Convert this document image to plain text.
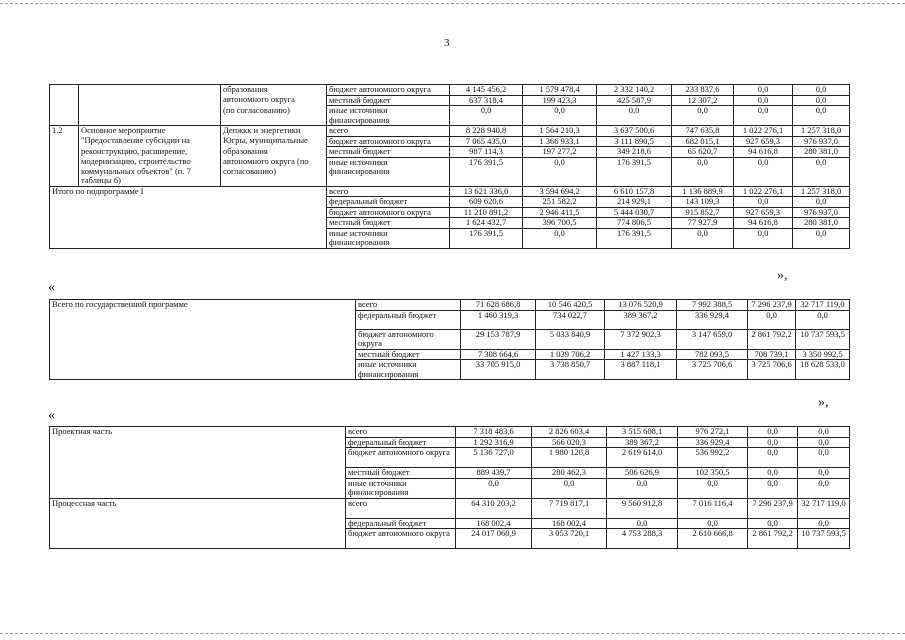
3
		образования	бюджет автономного округа	4 145 456,2	1 579 478,4	2 332 140,2	233 837,6	0,0	0,0
		автономного округа	местный бюджет	637 318,4	199 423,3	425 587,9	12 307,2	0,0	0,0
		(по согласованию)	иные источники финансирования	0,0	0,0	0,0	0,0	0,0	0,0
1.2	Основное мероприятие	Депжкк и энергетики	всего	8 228 940,8	1 564 210,3	3 637 500,6	747 635,8	1 022 276,1	1 257 318,0
	"Предоставление субсидии на	Югры, муниципальные	бюджет автономного округа	7 065 435,0	1 366 933,1	3 111 890,5	682 015,1	927 659,3	976 937,0
	реконструкцию, расширение,	образования	местный бюджет	987 114,3	197 277,2	349 218,6	65 620,7	94 616,8	280 381,0
	модернизацию, строительство коммунальных объектов" (п. 7 таблицы 6)	автономного округа (по согласованию)	иные источники финансирования	176 391,5	0,0	176 391,5	0,0	0,0	0,0
Итого по подпрограмме I			всего	13 621 336,0	3 594 694,2	6 610 157,8	1 136 889,9	1 022 276,1	1 257 318,0
			федеральный бюджет	609 620,6	251 582,2	214 929,1	143 109,3	0,0	0,0
			бюджет автономного округа	11 210 891,2	2 946 411,5	5 444 030,7	915 852,7	927 659,3	976 937,0
			местный бюджет	1 624 432,7	396 700,5	774 806,5	77 927,9	94 616,8	280 381,0
			иные источники финансирования	176 391,5	0,0	176 391,5	0,0	0,0	0,0
»,
«
Всего по государственной программе	всего	71 628 686,8	10 546 420,5	13 076 520,9	7 992 388,5	7 296 237,9	32 717 119,0
	федеральный бюджет	1 460 319,3	734 022,7	389 367,2	336 929,4	0,0	0,0
	бюджет автономного округа	29 153 787,9	5 033 840,9	7 372 902,3	3 147 659,0	2 861 792,2	10 737 593,5
	местный бюджет	7 308 664,6	1 039 706,2	1 427 133,3	782 093,5	708 739,1	3 350 992,5
	иные источники финансирования	33 705 915,0	3 738 850,7	3 887 118,1	3 725 706,6	3 725 706,6	18 628 533,0
»,
«
Проектная часть	всего	7 318 483,6	2 826 603,4	3 515 608,1	976 272,1	0,0	0,0
	федеральный бюджет	1 292 316,9	566 020,3	389 367,2	336 929,4	0,0	0,0
	бюджет автономного округа	5 136 727,0	1 980 120,8	2 619 614,0	536 992,2	0,0	0,0
	местный бюджет	889 439,7	280 462,3	506 626,9	102 350,5	0,0	0,0
	иные источники финансирования	0,0	0,0	0,0	0,0	0,0	0,0
Процессная часть	всего	64 310 203,2	7 719 817,1	9 560 912,8	7 016 116,4	7 296 237,9	32 717 119,0
	федеральный бюджет	168 002,4	168 002,4	0,0	0,0	0,0	0,0
	бюджет автономного округа	24 017 060,9	3 053 720,1	4 753 288,3	2 610 666,8	2 861 792,2	10 737 593,5
